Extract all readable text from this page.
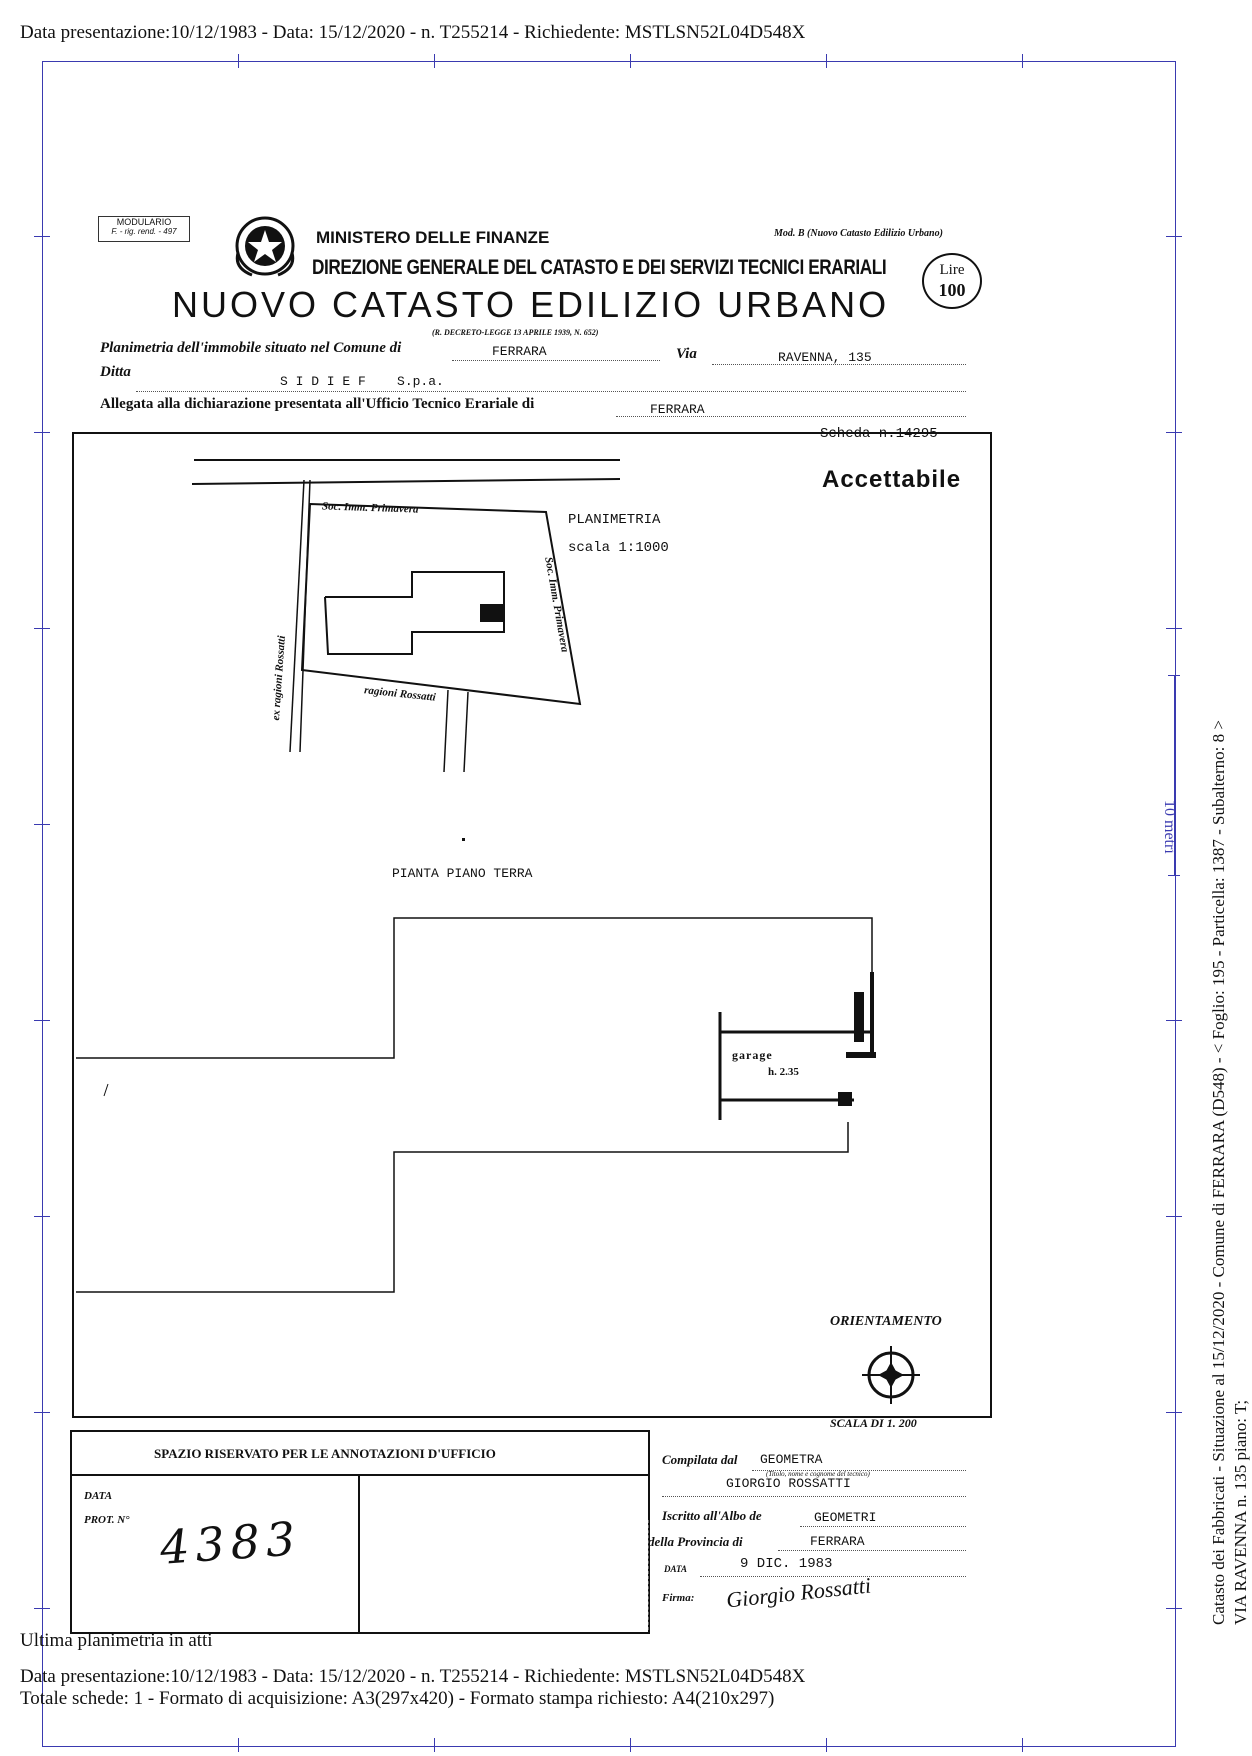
Data presentazione:10/12/1983 - Data: 15/12/2020 - n. T255214 - Richiedente: MSTLSN52L04D548X
10 metri Catasto dei Fabbricati - Situazione al 15/12/2020 - Comune di FERRARA (D548) - < Foglio: 195 - Particella: 1387 - Subalterno: 8 > VIA RAVENNA n. 135 piano: T;
MODULARIO
F. - rig. rend. - 497	MINISTERO DELLE FINANZE
DIREZIONE GENERALE DEL CATASTO E DEI SERVIZI TECNICI ERARIALI
Mod. B (Nuovo Catasto Edilizio Urbano)
Lire
100
NUOVO CATASTO EDILIZIO URBANO
(R. DECRETO-LEGGE 13 APRILE 1939, N. 652)
Planimetria dell'immobile situato nel Comune di	FERRARA	Via	RAVENNA, 135
Ditta
S I D I E F    S.p.a.
Allegata alla dichiarazione presentata all'Ufficio Tecnico Erariale di	FERRARA
Scheda n.14295
Accettabile
PLANIMETRIA
scala 1:1000
Soc. Imm. Primavera
ex ragioni Rossatti
Soc. Imm. Primavera
ragioni Rossatti
PIANTA PIANO TERRA
garage
h. 2.35
ORIENTAMENTO
SCALA DI 1. 200
SPAZIO RISERVATO PER LE ANNOTAZIONI D'UFFICIO
DATA
PROT. N° 4383
Compilata dal GEOMETRA
(Titolo, nome e cognome del tecnico)
GIORGIO ROSSATTI
Iscritto all'Albo de	GEOMETRI
della Provincia di	FERRARA
DATA	9 DIC. 1983
Firma: Giorgio Rossatti
Ultima planimetria in atti
Data presentazione:10/12/1983 - Data: 15/12/2020 - n. T255214 - Richiedente: MSTLSN52L04D548X
Totale schede: 1 - Formato di acquisizione: A3(297x420) - Formato stampa richiesto: A4(210x297)
